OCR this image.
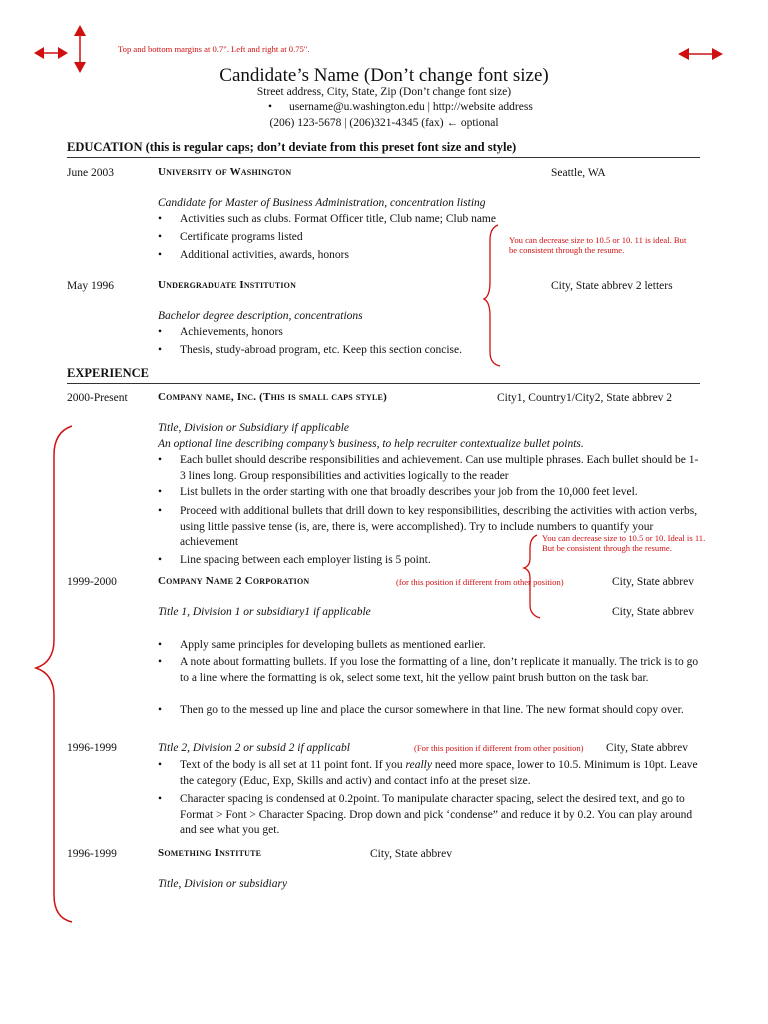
Top and bottom margins at 0.7". Left and right at 0.75".
Candidate’s Name (Don’t change font size)
Street address, City, State, Zip (Don’t change font size)
• username@u.washington.edu | http://website address
(206) 123-5678 | (206)321-4345 (fax) ← optional
EDUCATION (this is regular caps; don’t deviate from this preset font size and style)
June 2003	University of Washington	Seattle, WA
Candidate for Master of Business Administration, concentration listing
• Activities such as clubs. Format Officer title, Club name; Club name
• Certificate programs listed
• Additional activities, awards, honors
You can decrease size to 10.5 or 10. 11 is ideal. But be consistent through the resume.
May 1996	Undergraduate Institution	City, State abbrev 2 letters
Bachelor degree description, concentrations
• Achievements, honors
• Thesis, study-abroad program, etc. Keep this section concise.
EXPERIENCE
2000-Present	Company name, Inc. (This is small caps style)	City1, Country1/City2, State abbrev 2
Title, Division or Subsidiary if applicable
An optional line describing company’s business, to help recruiter contextualize bullet points.
• Each bullet should describe responsibilities and achievement. Can use multiple phrases. Each bullet should be 1-3 lines long. Group responsibilities and activities logically to the reader
• List bullets in the order starting with one that broadly describes your job from the 10,000 feet level.
• Proceed with additional bullets that drill down to key responsibilities, describing the activities with action verbs, using little passive tense (is, are, there is, were accomplished). Try to include numbers to quantify your achievement
• Line spacing between each employer listing is 5 point.
You can decrease size to 10.5 or 10. Ideal is 11. But be consistent through the resume.
1999-2000	Company Name 2 Corporation	(for this position if different from other position)	City, State abbrev
Title 1, Division 1 or subsidiary1 if applicable	City, State abbrev
• Apply same principles for developing bullets as mentioned earlier.
• A note about formatting bullets. If you lose the formatting of a line, don’t replicate it manually. The trick is to go to a line where the formatting is ok, select some text, hit the yellow paint brush button on the task bar.
• Then go to the messed up line and place the cursor somewhere in that line. The new format should copy over.
1996-1999	Title 2, Division 2 or subsid 2 if applicabl	(For this position if different from other position) City, State abbrev
• Text of the body is all set at 11 point font. If you really need more space, lower to 10.5. Minimum is 10pt. Leave the category (Educ, Exp, Skills and activ) and contact info at the preset size.
• Character spacing is condensed at 0.2point. To manipulate character spacing, select the desired text, and go to Format > Font > Character Spacing. Drop down and pick ‘condense” and reduce it by 0.2. You can play around and see what you get.
1996-1999	Something Institute	City, State abbrev
Title, Division or subsidiary
